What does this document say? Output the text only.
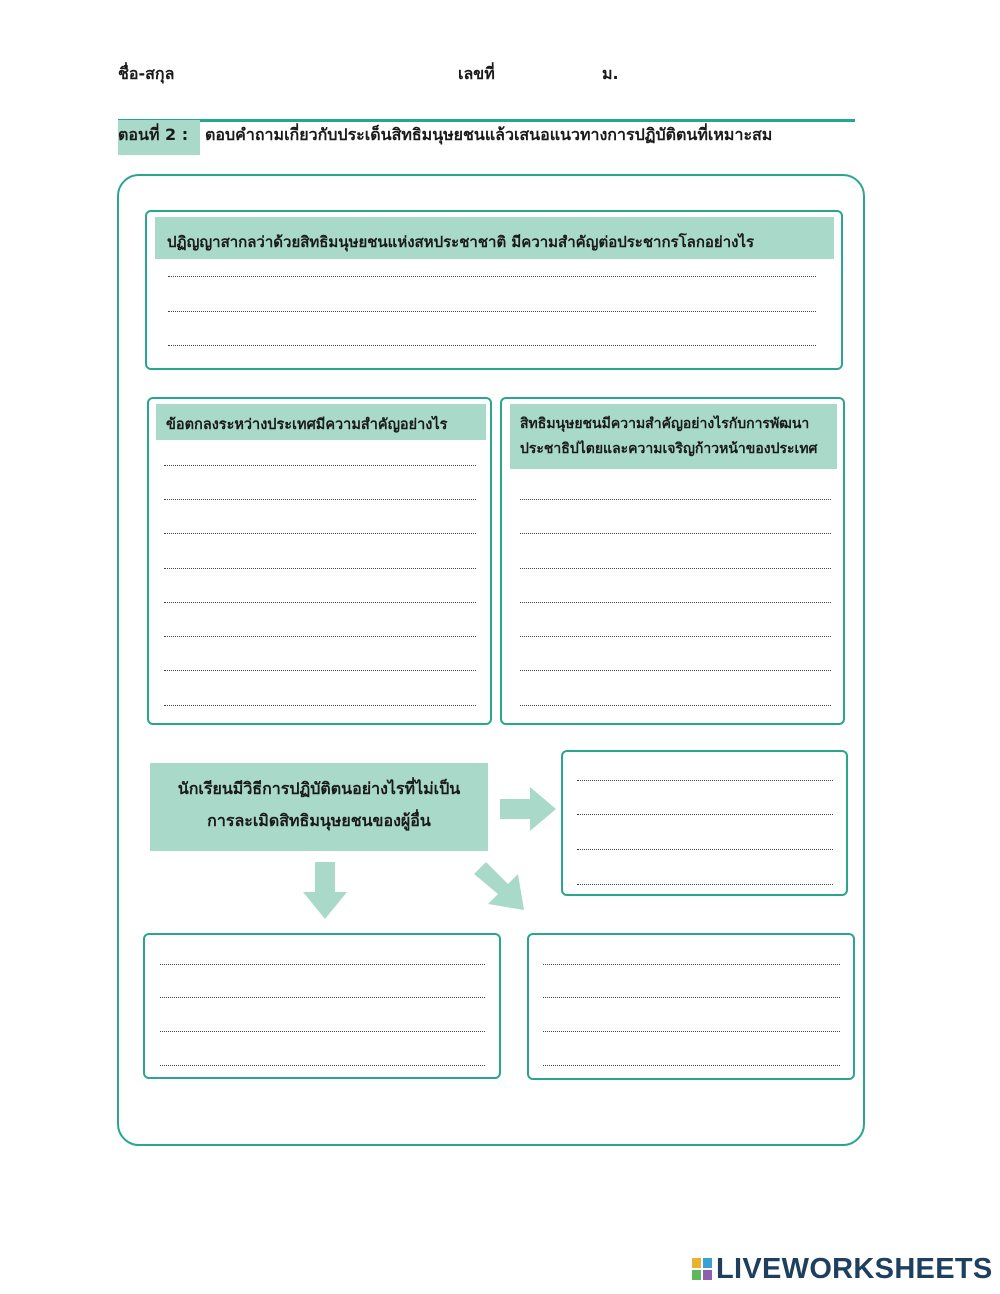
ชื่อ-สกุล	เลขที่	ม.
ตอนที่ 2 : ตอบคำถามเกี่ยวกับประเด็นสิทธิมนุษยชนแล้วเสนอแนวทางการปฏิบัติตนที่เหมาะสม
ปฏิญญาสากลว่าด้วยสิทธิมนุษยชนแห่งสหประชาชาติ มีความสำคัญต่อประชากรโลกอย่างไร
ข้อตกลงระหว่างประเทศมีความสำคัญอย่างไร	สิทธิมนุษยชนมีความสำคัญอย่างไรกับการพัฒนา
ประชาธิปไตยและความเจริญก้าวหน้าของประเทศ
นักเรียนมีวิธีการปฏิบัติตนอย่างไรที่ไม่เป็น
การละเมิดสิทธิมนุษยชนของผู้อื่น
LIVEWORKSHEETS
